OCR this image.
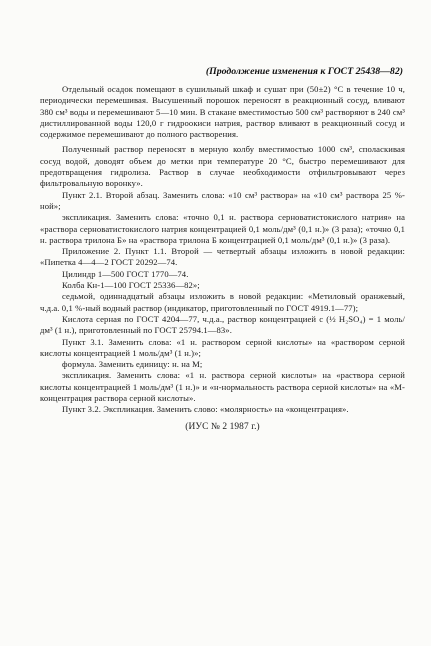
(Продолжение изменения к ГОСТ 25438—82)

Отдельный осадок помещают в сушильный шкаф и сушат при (50±2) °С в течение 10 ч, периодически перемешивая. Высушенный порошок переносят в реакционный сосуд, вливают 380 см³ воды и перемешивают 5—10 мин. В стакане вместимостью 500 см³ растворяют в 240 см³ дистиллированной воды 120,0 г гидроокиси натрия, раствор вливают в реакционный сосуд и содержимое перемешивают до полного растворения.

Полученный раствор переносят в мерную колбу вместимостью 1000 см³, споласкивая сосуд водой, доводят объем до метки при температуре 20 °С, быстро перемешивают для предотвращения гидролиза. Раствор в случае необходимости отфильтровывают через фильтровальную воронку».

Пункт 2.1. Второй абзац. Заменить слова: «10 см³ раствора» на «10 см³ раствора 25 %-ной»;

экспликация. Заменить слова: «точно 0,1 н. раствора серноватистокислого натрия» на «раствора серноватистокислого натрия концентрацией 0,1 моль/дм³ (0,1 н.)» (3 раза); «точно 0,1 н. раствора трилона Б» на «раствора трилона Б концентрацией 0,1 моль/дм³ (0,1 н.)» (3 раза).

Приложение 2. Пункт 1.1. Второй — четвертый абзацы изложить в новой редакции: «Пипетка 4—4—2 ГОСТ 20292—74.

Цилиндр 1—500 ГОСТ 1770—74.

Колба Кн-1—100 ГОСТ 25336—82»;

седьмой, одиннадцатый абзацы изложить в новой редакции: «Метиловый оранжевый, ч.д.а. 0,1 %-ный водный раствор (индикатор, приготовленный по ГОСТ 4919.1—77);

Кислота серная по ГОСТ 4204—77, ч.д.а., раствор концентрацией c (½ H₂SO₄) = 1 моль/дм³ (1 н.), приготовленный по ГОСТ 25794.1—83».

Пункт 3.1. Заменить слова: «1 н. раствором серной кислоты» на «раствором серной кислоты концентрацией 1 моль/дм³ (1 н.)»;

формула. Заменить единицу: н. на М;

экспликация. Заменить слова: «1 н. раствора серной кислоты» на «раствора серной кислоты концентрацией 1 моль/дм³ (1 н.)» и «н-нормальность раствора серной кислоты» на «М-концентрация раствора серной кислоты».

Пункт 3.2. Экспликация. Заменить слово: «молярность» на «концентрация».

(ИУС № 2 1987 г.)
